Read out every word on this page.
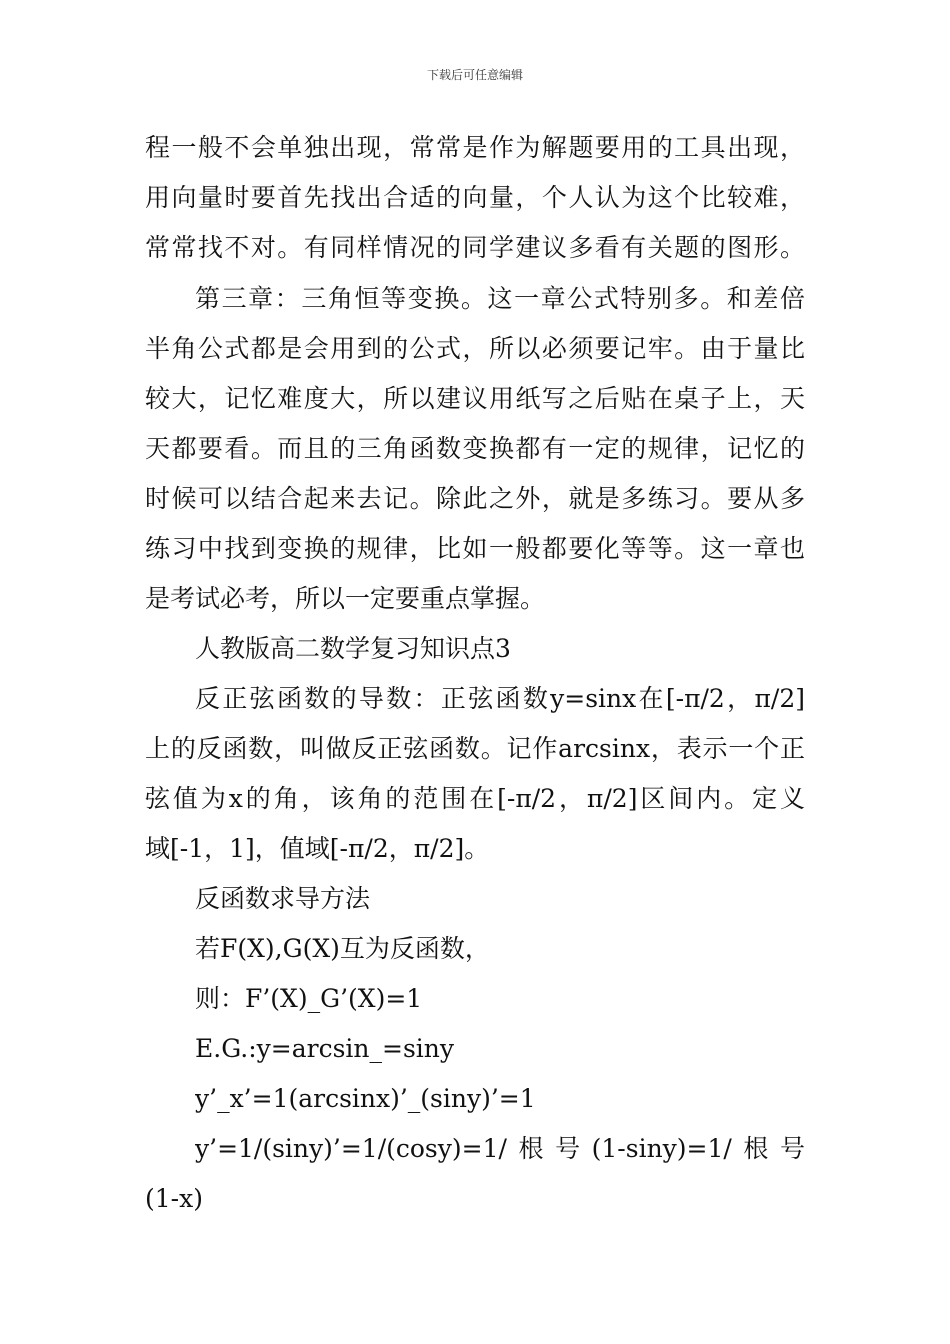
下载后可任意编辑
程一般不会单独出现，常常是作为解题要用的工具出现，
用向量时要首先找出合适的向量，个人认为这个比较难，
常常找不对。有同样情况的同学建议多看有关题的图形。
第三章：三角恒等变换。这一章公式特别多。和差倍
半角公式都是会用到的公式，所以必须要记牢。由于量比
较大，记忆难度大，所以建议用纸写之后贴在桌子上，天
天都要看。而且的三角函数变换都有一定的规律，记忆的
时候可以结合起来去记。除此之外，就是多练习。要从多
练习中找到变换的规律，比如一般都要化等等。这一章也
是考试必考，所以一定要重点掌握。
人教版高二数学复习知识点3
反正弦函数的导数：正弦函数y=sinx在[-π/2，π/2]
上的反函数，叫做反正弦函数。记作arcsinx，表示一个正
弦值为x的角，该角的范围在[-π/2，π/2]区间内。定义
域[-1，1]，值域[-π/2，π/2]。
反函数求导方法
若F(X),G(X)互为反函数，
则：F’(X)_G’(X)=1
E.G.:y=arcsin_=siny
y’_x’=1(arcsinx)’_(siny)’=1
y’=1/(siny)’=1/(cosy)=1/根号(1-siny)=1/根号
(1-x)
